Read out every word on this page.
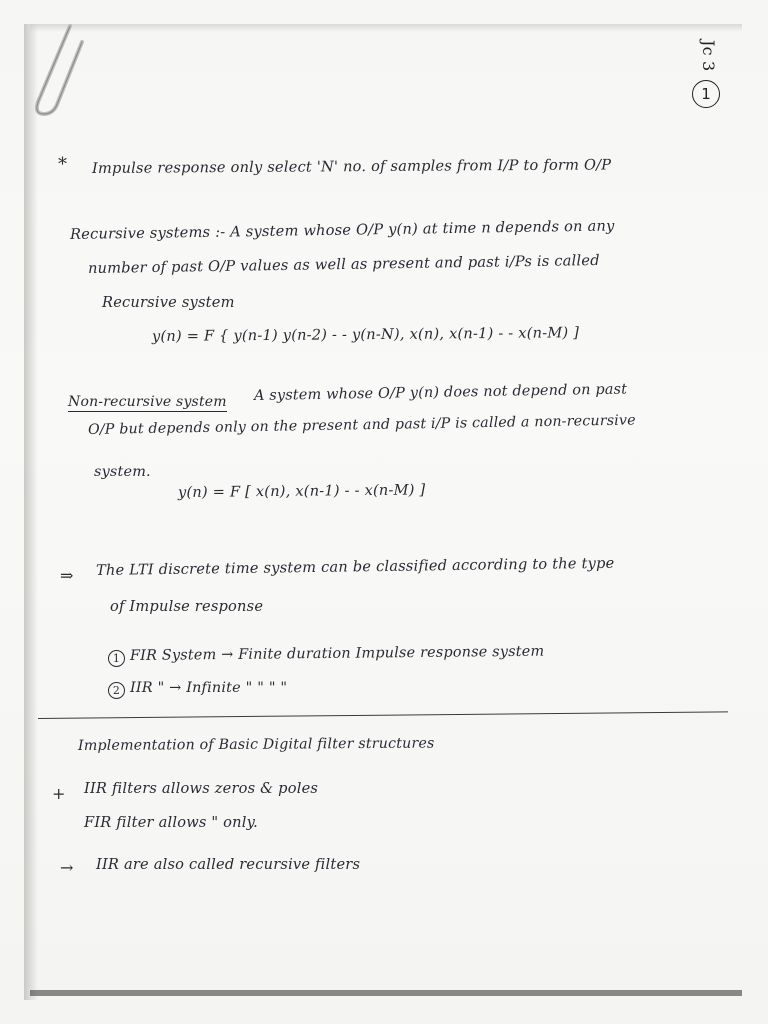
Jc 3
1
* Impulse response only select 'N' no. of samples from I/P to form O/P
Recursive systems :- A system whose O/P y(n) at time n depends on any
number of past O/P values as well as present and past i/Ps is called
Recursive system
y(n) = F { y(n-1) y(n-2) - - y(n-N), x(n), x(n-1) - - x(n-M) ]
Non-recursive system A system whose O/P y(n) does not depend on past
O/P but depends only on the present and past i/P is called a non-recursive
system.
y(n) = F [ x(n), x(n-1) - - x(n-M) ]
⇒ The LTI discrete time system can be classified according to the type
of Impulse response
1 FIR System → Finite duration Impulse response system
2 IIR " → Infinite " " " "
Implementation of Basic Digital filter structures
+ IIR filters allows zeros & poles
FIR filter allows " only.
→ IIR are also called recursive filters
